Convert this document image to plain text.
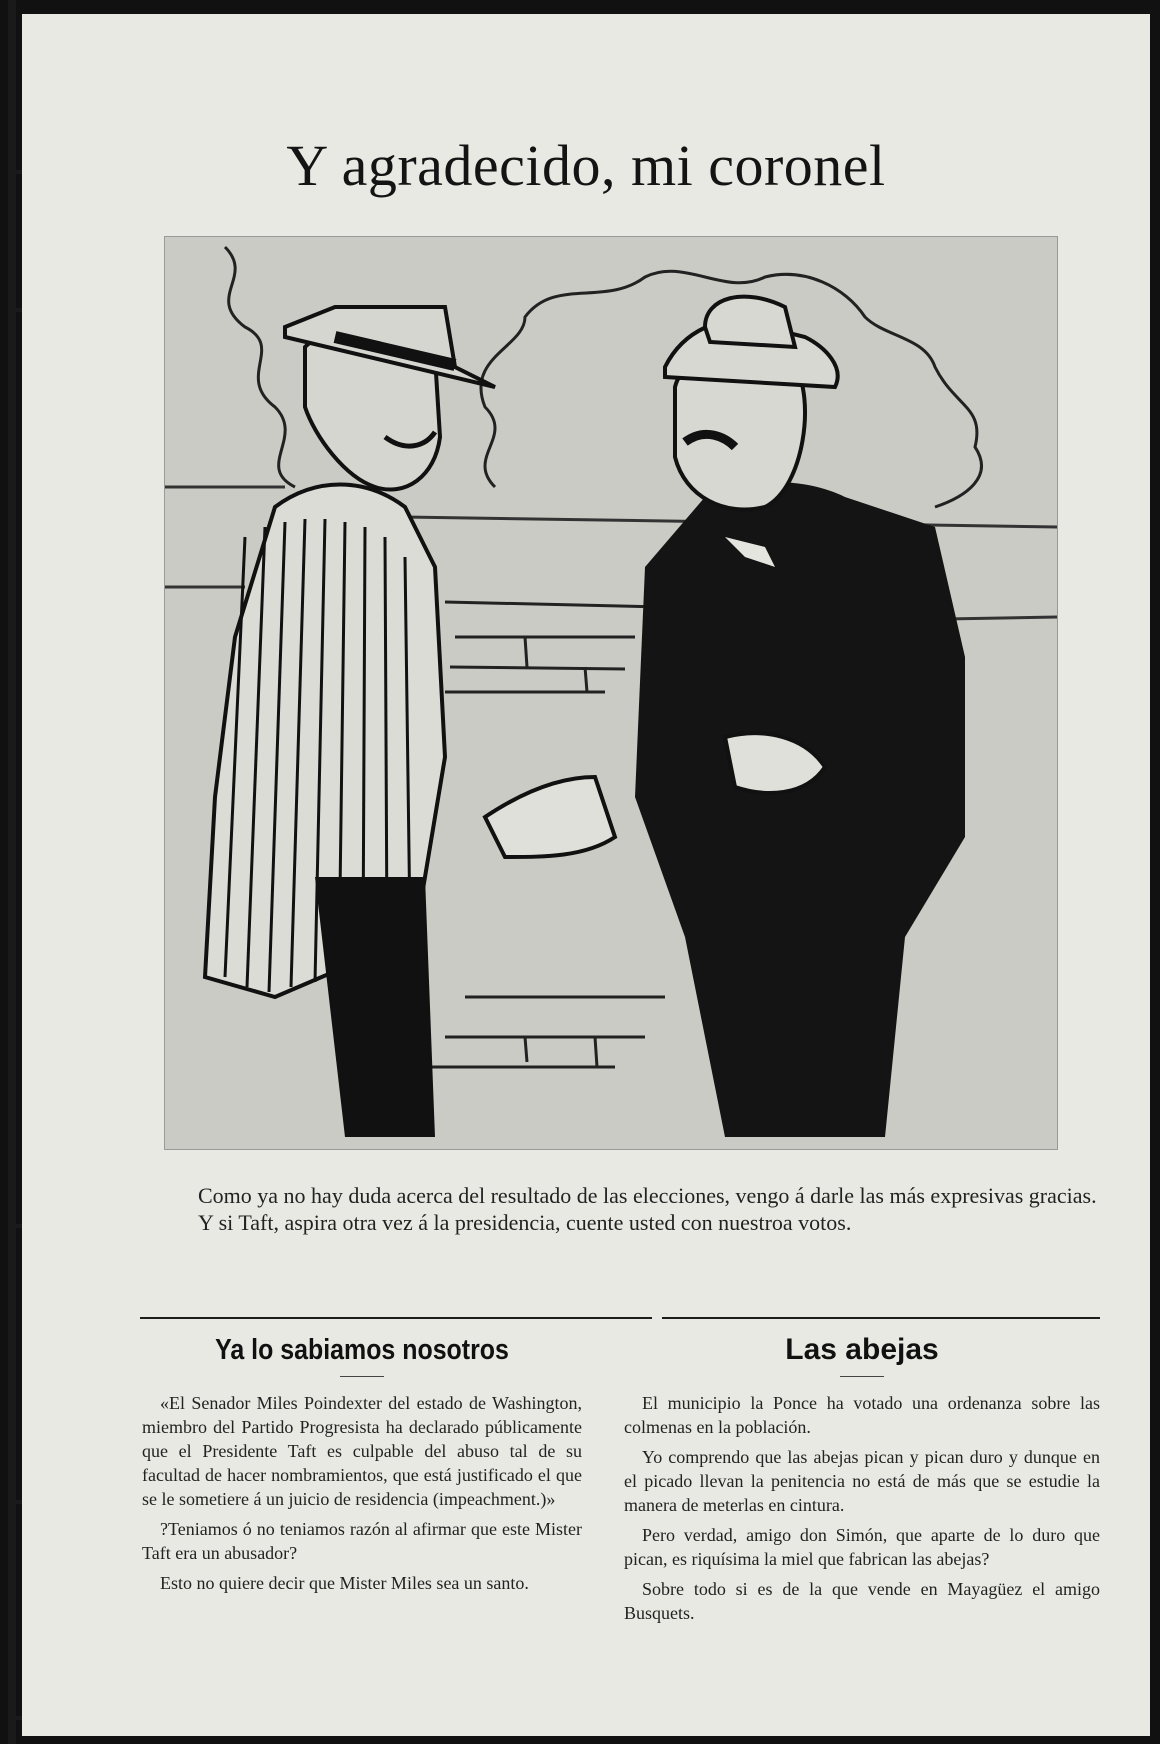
Y agradecido, mi coronel

Como ya no hay duda acerca del resultado de las elecciones, vengo á darle las más expresivas gracias.

Y si Taft, aspira otra vez á la presidencia, cuente usted con nuestroa votos.

Ya lo sabiamos nosotros

«El Senador Miles Poindexter del estado de Washington, miembro del Partido Progresista ha declarado públicamente que el Presidente Taft es culpable del abuso tal de su facultad de hacer nombramientos, que está justificado el que se le sometiere á un juicio de residencia (impeachment.)»

?Teniamos ó no teniamos razón al afirmar que este Mister Taft era un abusador?

Esto no quiere decir que Mister Miles sea un santo.

Las abejas

El municipio la Ponce ha votado una ordenanza sobre las colmenas en la población.

Yo comprendo que las abejas pican y pican duro y dunque en el picado llevan la penitencia no está de más que se estudie la manera de meterlas en cintura.

Pero verdad, amigo don Simón, que aparte de lo duro que pican, es riquísima la miel que fabrican las abejas?

Sobre todo si es de la que vende en Mayagüez el amigo Busquets.
